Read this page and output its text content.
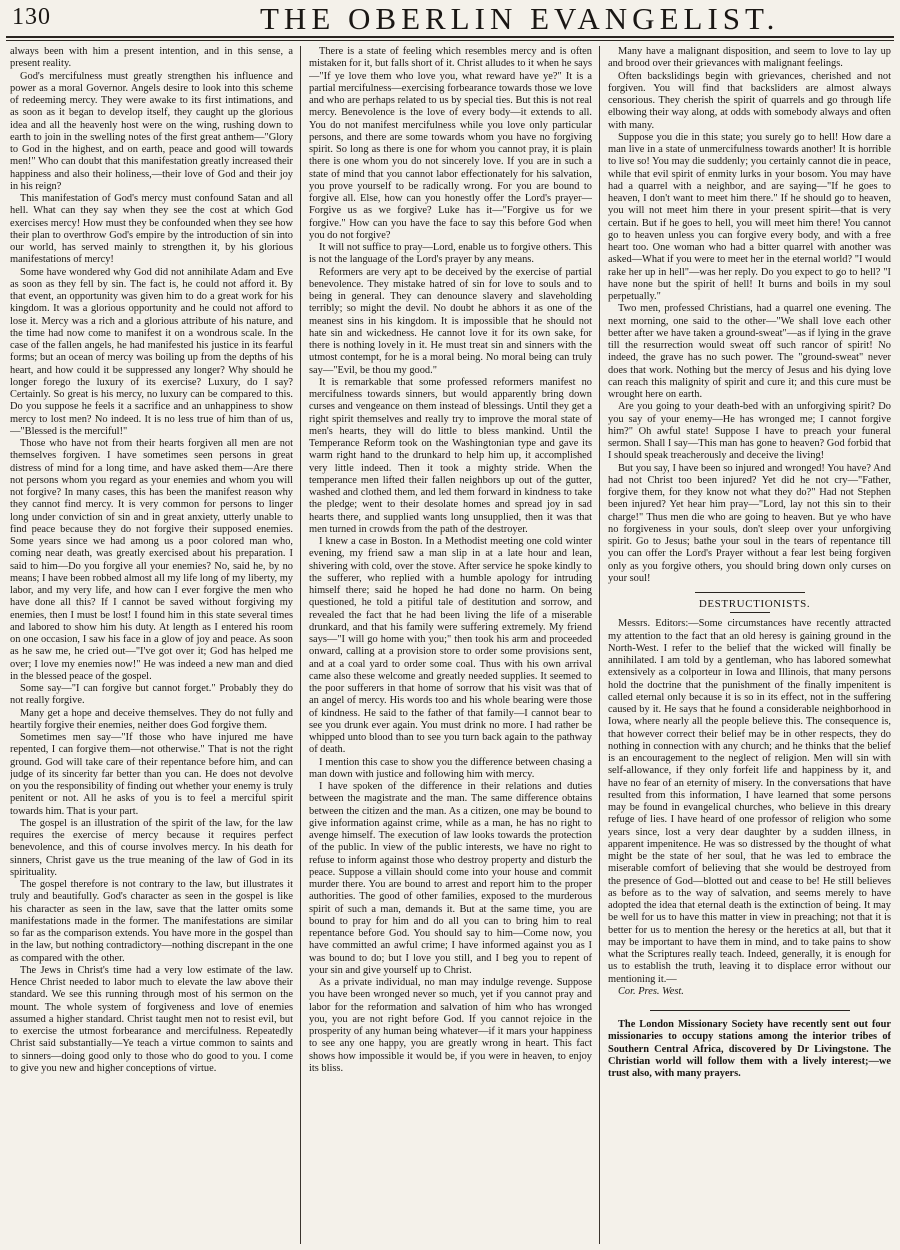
130	THE OBERLIN EVANGELIST.

always been with him a present intention, and in this sense, a present reality.

God's mercifulness must greatly strengthen his influence and power as a moral Governor. Angels desire to look into this scheme of redeeming mercy. They were awake to its first intimations, and as soon as it began to develop itself, they caught up the glorious idea and all the heavenly host were on the wing, rushing down to earth to join in the swelling notes of the first great anthem—"Glory to God in the highest, and on earth, peace and good will towards men!" Who can doubt that this manifestation greatly increased their happiness and also their holiness,—their love of God and their joy in his reign?

This manifestation of God's mercy must confound Satan and all hell. What can they say when they see the cost at which God exercises mercy! How must they be confounded when they see how their plan to overthrow God's empire by the introduction of sin into our world, has served mainly to strengthen it, by his glorious manifestations of mercy!

Some have wondered why God did not annihilate Adam and Eve as soon as they fell by sin. The fact is, he could not afford it. By that event, an opportunity was given him to do a great work for his kingdom. It was a glorious opportunity and he could not afford to lose it. Mercy was a rich and a glorious attribute of his nature, and the time had now come to manifest it on a wondrous scale. In the case of the fallen angels, he had manifested his justice in its fearful forms; but an ocean of mercy was boiling up from the depths of his heart, and how could it be suppressed any longer? Why should he longer forego the luxury of its exercise? Luxury, do I say? Certainly. So great is his mercy, no luxury can be compared to this. Do you suppose he feels it a sacrifice and an unhappiness to show mercy to lost men? No indeed. It is no less true of him than of us,—"Blessed is the merciful!"

Those who have not from their hearts forgiven all men are not themselves forgiven. I have sometimes seen persons in great distress of mind for a long time, and have asked them—Are there not persons whom you regard as your enemies and whom you will not forgive? In many cases, this has been the manifest reason why they cannot find mercy. It is very common for persons to linger long under conviction of sin and in great anxiety, utterly unable to find peace because they do not forgive their supposed enemies. Some years since we had among us a poor colored man who, coming near death, was greatly exercised about his preparation. I said to him—Do you forgive all your enemies? No, said he, by no means; I have been robbed almost all my life long of my liberty, my labor, and my very life, and how can I ever forgive the men who have done all this? If I cannot be saved without forgiving my enemies, then I must be lost! I found him in this state several times and labored to show him his duty. At length as I entered his room on one occasion, I saw his face in a glow of joy and peace. As soon as he saw me, he cried out—"I've got over it; God has helped me over; I love my enemies now!" He was indeed a new man and died in the blessed peace of the gospel.

Some say—"I can forgive but cannot forget." Probably they do not really forgive.

Many get a hope and deceive themselves. They do not fully and heartily forgive their enemies, neither does God forgive them.

Sometimes men say—"If those who have injured me have repented, I can forgive them—not otherwise." That is not the right ground. God will take care of their repentance before him, and can judge of its sincerity far better than you can. He does not devolve on you the responsibility of finding out whether your enemy is truly penitent or not. All he asks of you is to feel a merciful spirit towards him. That is your part.

The gospel is an illustration of the spirit of the law, for the law requires the exercise of mercy because it requires perfect benevolence, and this of course involves mercy. In his death for sinners, Christ gave us the true meaning of the law of God in its spirituality.

The gospel therefore is not contrary to the law, but illustrates it truly and beautifully. God's character as seen in the gospel is like his character as seen in the law, save that the latter omits some manifestations made in the former. The manifestations are similar so far as the comparison extends. You have more in the gospel than in the law, but nothing contradictory—nothing discrepant in the one as compared with the other.

The Jews in Christ's time had a very low estimate of the law. Hence Christ needed to labor much to elevate the law above their standard. We see this running through most of his sermon on the mount. The whole system of forgiveness and love of enemies assumed a higher standard. Christ taught men not to resist evil, but to exercise the utmost forbearance and mercifulness. Repeatedly Christ said substantially—Ye teach a virtue common to saints and to sinners—doing good only to those who do good to you. I come to give you new and higher conceptions of virtue.

There is a state of feeling which resembles mercy and is often mistaken for it, but falls short of it. Christ alludes to it when he says—"If ye love them who love you, what reward have ye?" It is a partial mercifulness—exercising forbearance towards those we love and who are perhaps related to us by special ties. But this is not real mercy. Benevolence is the love of every body—it extends to all. You do not manifest mercifulness while you love only particular persons, and there are some towards whom you have no forgiving spirit. So long as there is one for whom you cannot pray, it is plain there is one whom you do not sincerely love. If you are in such a state of mind that you cannot labor effectionately for his salvation, you prove yourself to be radically wrong. For you are bound to forgive all. Else, how can you honestly offer the Lord's prayer—Forgive us as we forgive? Luke has it—"Forgive us for we forgive." How can you have the face to say this before God when you do not forgive?

It will not suffice to pray—Lord, enable us to forgive others. This is not the language of the Lord's prayer by any means.

Reformers are very apt to be deceived by the exercise of partial benevolence. They mistake hatred of sin for love to souls and to being in general. They can denounce slavery and slaveholding terribly; so might the devil. No doubt he abhors it as one of the meanest sins in his kingdom. It is impossible that he should not hate sin and wickedness. He cannot love it for its own sake, for there is nothing lovely in it. He must treat sin and sinners with the utmost contempt, for he is a moral being. No moral being can truly say—"Evil, be thou my good."

It is remarkable that some professed reformers manifest no mercifulness towards sinners, but would apparently bring down curses and vengeance on them instead of blessings. Until they get a right spirit themselves and really try to improve the moral state of men's hearts, they will do little to bless mankind. Until the Temperance Reform took on the Washingtonian type and gave its warm right hand to the drunkard to help him up, it accomplished very little indeed. Then it took a mighty stride. When the temperance men lifted their fallen neighbors up out of the gutter, washed and clothed them, and led them forward in kindness to take the pledge; went to their desolate homes and spread joy in sad hearts there, and supplied wants long unsupplied, then it was that men turned in crowds from the path of the destroyer.

I knew a case in Boston. In a Methodist meeting one cold winter evening, my friend saw a man slip in at a late hour and lean, shivering with cold, over the stove. After service he spoke kindly to the sufferer, who replied with a humble apology for intruding himself there; said he hoped he had done no harm. On being questioned, he told a pitiful tale of destitution and sorrow, and revealed the fact that he had been living the life of a miserable drunkard, and that his family were suffering extremely. My friend says—"I will go home with you;" then took his arm and proceeded onward, calling at a provision store to order some provisions sent, and at a coal yard to order some coal. Thus with his own arrival came also these welcome and greatly needed supplies. It seemed to the poor sufferers in that home of sorrow that his visit was that of an angel of mercy. His words too and his whole bearing were those of kindness. He said to the father of that family—I cannot bear to see you drunk ever again. You must drink no more. I had rather be whipped unto blood than to see you turn back again to the pathway of death.

I mention this case to show you the difference between chasing a man down with justice and following him with mercy.

I have spoken of the difference in their relations and duties between the magistrate and the man. The same difference obtains between the citizen and the man. As a citizen, one may be bound to give information against crime, while as a man, he has no right to avenge himself. The execution of law looks towards the protection of the public. In view of the public interests, we have no right to refuse to inform against those who destroy property and disturb the peace. Suppose a villain should come into your house and commit murder there. You are bound to arrest and report him to the proper authorities. The good of other families, exposed to the murderous spirit of such a man, demands it. But at the same time, you are bound to pray for him and do all you can to bring him to real repentance before God. You should say to him—Come now, you have committed an awful crime; I have informed against you as I was bound to do; but I love you still, and I beg you to repent of your sin and give yourself up to Christ.

As a private individual, no man may indulge revenge. Suppose you have been wronged never so much, yet if you cannot pray and labor for the reformation and salvation of him who has wronged you, you are not right before God. If you cannot rejoice in the prosperity of any human being whatever—if it mars your happiness to see any one happy, you are greatly wrong in heart. This fact shows how impossible it would be, if you were in heaven, to enjoy its bliss.

Many have a malignant disposition, and seem to love to lay up and brood over their grievances with malignant feelings.

Often backslidings begin with grievances, cherished and not forgiven. You will find that backsliders are almost always censorious. They cherish the spirit of quarrels and go through life elbowing their way along, at odds with somebody always and often with many.

Suppose you die in this state; you surely go to hell! How dare a man live in a state of unmercifulness towards another! It is horrible to live so! You may die suddenly; you certainly cannot die in peace, while that evil spirit of enmity lurks in your bosom. You may have had a quarrel with a neighbor, and are saying—"If he goes to heaven, I don't want to meet him there." If he should go to heaven, you will not meet him there in your present spirit—that is very certain. But if he goes to hell, you will meet him there! You cannot go to heaven unless you can forgive every body, and with a free heart too. One woman who had a bitter quarrel with another was asked—What if you were to meet her in the eternal world? "I would rake her up in hell"—was her reply. Do you expect to go to hell? "I have none but the spirit of hell! It burns and boils in my soul perpetually."

Two men, professed Christians, had a quarrel one evening. The next morning, one said to the other—"We shall love each other better after we have taken a ground-sweat"—as if lying in the grave till the resurrection would sweat off such rancor of spirit! No indeed, the grave has no such power. The "ground-sweat" never does that work. Nothing but the mercy of Jesus and his dying love can reach this malignity of spirit and cure it; and this cure must be wrought here on earth.

Are you going to your death-bed with an unforgiving spirit? Do you say of your enemy—He has wronged me; I cannot forgive him?" Oh awful state! Suppose I have to preach your funeral sermon. Shall I say—This man has gone to heaven? God forbid that I should speak treacherously and deceive the living!

But you say, I have been so injured and wronged! You have? And had not Christ too been injured? Yet did he not cry—"Father, forgive them, for they know not what they do?" Had not Stephen been injured? Yet hear him pray—"Lord, lay not this sin to their charge!" Thus men die who are going to heaven. But ye who have no forgiveness in your souls, don't sleep over your unforgiving spirit. Go to Jesus; bathe your soul in the tears of repentance till you can offer the Lord's Prayer without a fear lest being forgiven only as you forgive others, you should bring down only curses on your soul!

DESTRUCTIONISTS.

Messrs. Editors:—Some circumstances have recently attracted my attention to the fact that an old heresy is gaining ground in the North-West. I refer to the belief that the wicked will finally be annihilated. I am told by a gentleman, who has labored somewhat extensively as a colporteur in Iowa and Illinois, that many persons hold the doctrine that the punishment of the finally impenitent is called eternal only because it is so in its effect, not in the suffering caused by it. He says that he found a considerable neighborhood in Iowa, where nearly all the people believe this. The consequence is, that however correct their belief may be in other respects, they do nothing in connection with any church; and he thinks that the belief is an encouragement to the neglect of religion. Men will sin with self-allowance, if they only forfeit life and happiness by it, and have no fear of an eternity of misery. In the conversations that have resulted from this information, I have learned that some persons may be found in evangelical churches, who believe in this dreary refuge of lies. I have heard of one professor of religion who some years since, lost a very dear daughter by a sudden illness, in apparent impenitence. He was so distressed by the thought of what might be the state of her soul, that he was led to embrace the miserable comfort of believing that she would be destroyed from the presence of God—blotted out and cease to be! He still believes as before as to the way of salvation, and seems merely to have adopted the idea that eternal death is the extinction of being. It may be well for us to have this matter in view in preaching; not that it is better for us to mention the heresy or the heretics at all, but that it may be important to have them in mind, and to take pains to show what the Scriptures really teach. Indeed, generally, it is enough for us to establish the truth, leaving it to displace error without our mentioning it.—

Cor. Pres. West.

The London Missionary Society have recently sent out four missionaries to occupy stations among the interior tribes of Southern Central Africa, discovered by Dr Livingstone. The Christian world will follow them with a lively interest;—we trust also, with many prayers.
